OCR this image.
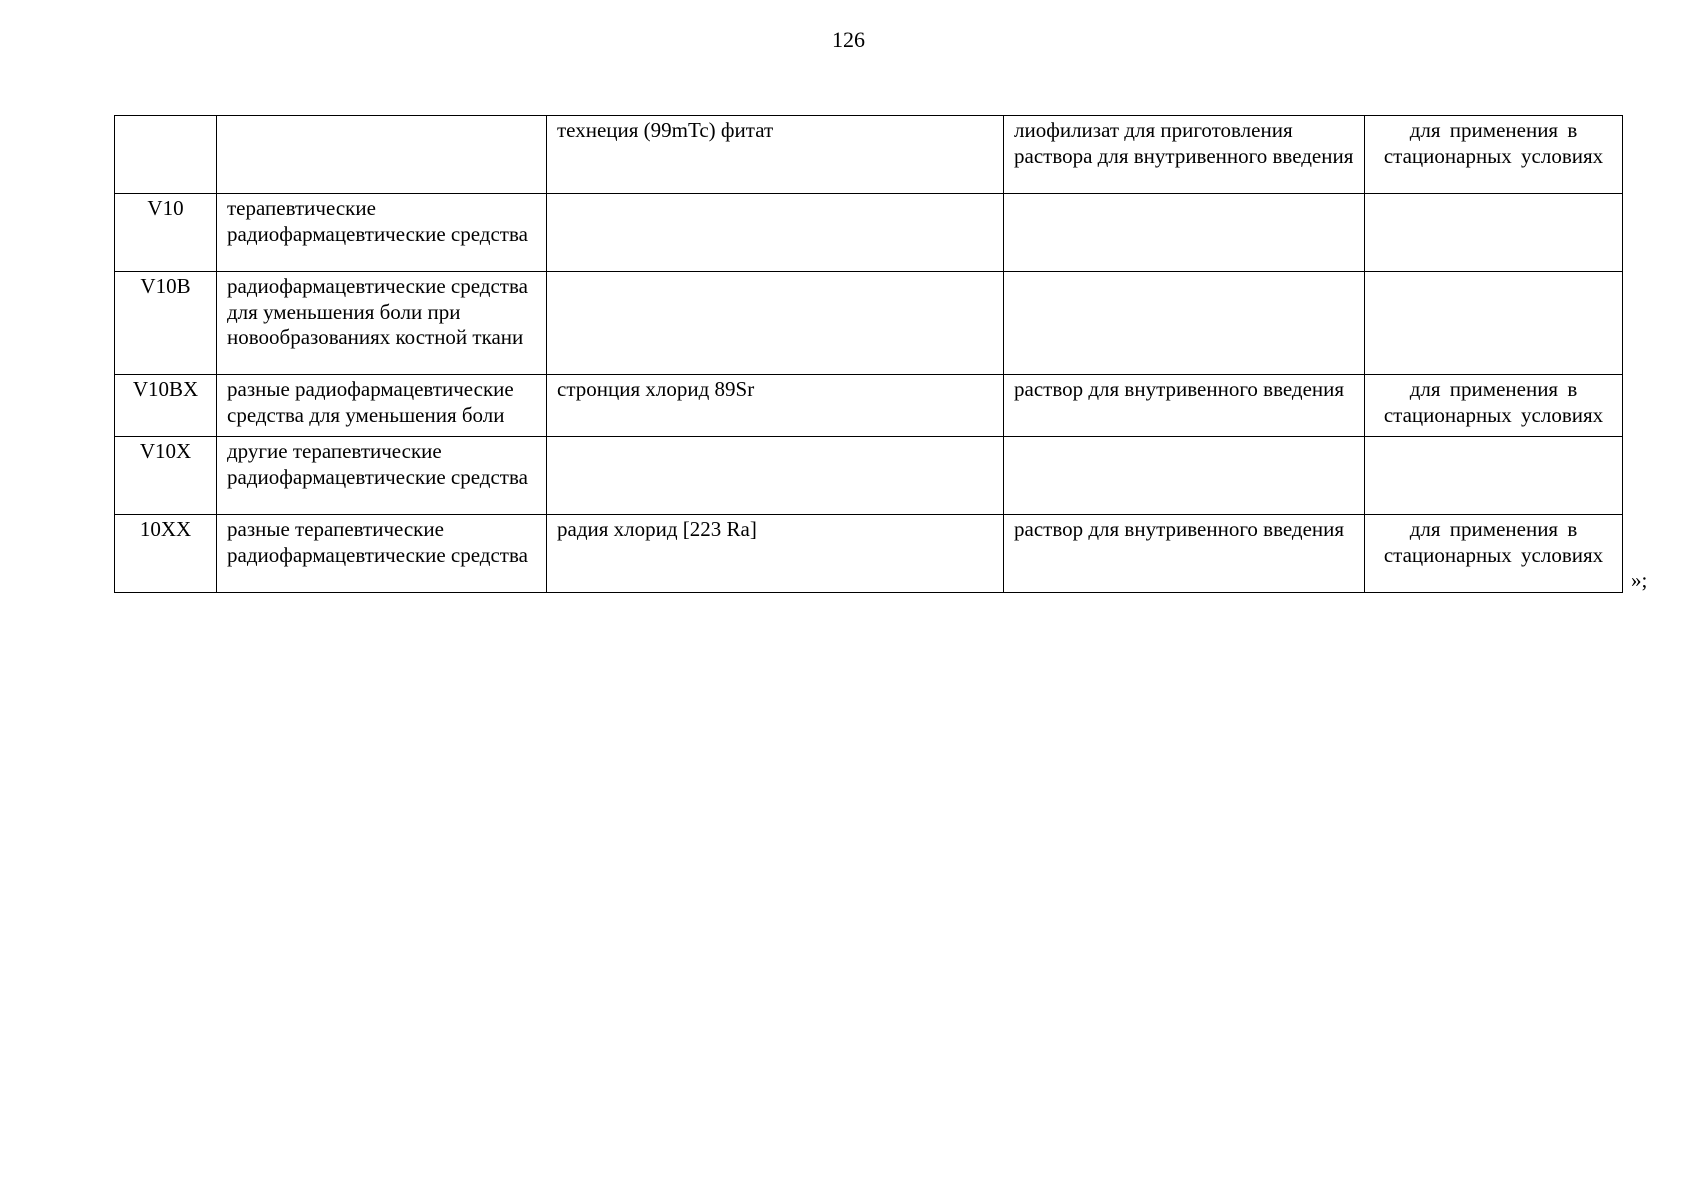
126
		технеция (99mTc) фитат	лиофилизат для приготовления раствора для внутривенного введения	для применения в стационарных условиях
V10	терапевтические радиофармацевтические средства			
V10B	радиофармацевтические средства для уменьшения боли при новообразованиях костной ткани			
V10BX	разные радиофармацевтические средства для уменьшения боли	стронция хлорид 89Sr	раствор для внутривенного введения	для применения в стационарных условиях
V10X	другие терапевтические радиофармацевтические средства			
10XX	разные терапевтические радиофармацевтические средства	радия хлорид [223 Ra]	раствор для внутривенного введения	для применения в стационарных условиях
»;
